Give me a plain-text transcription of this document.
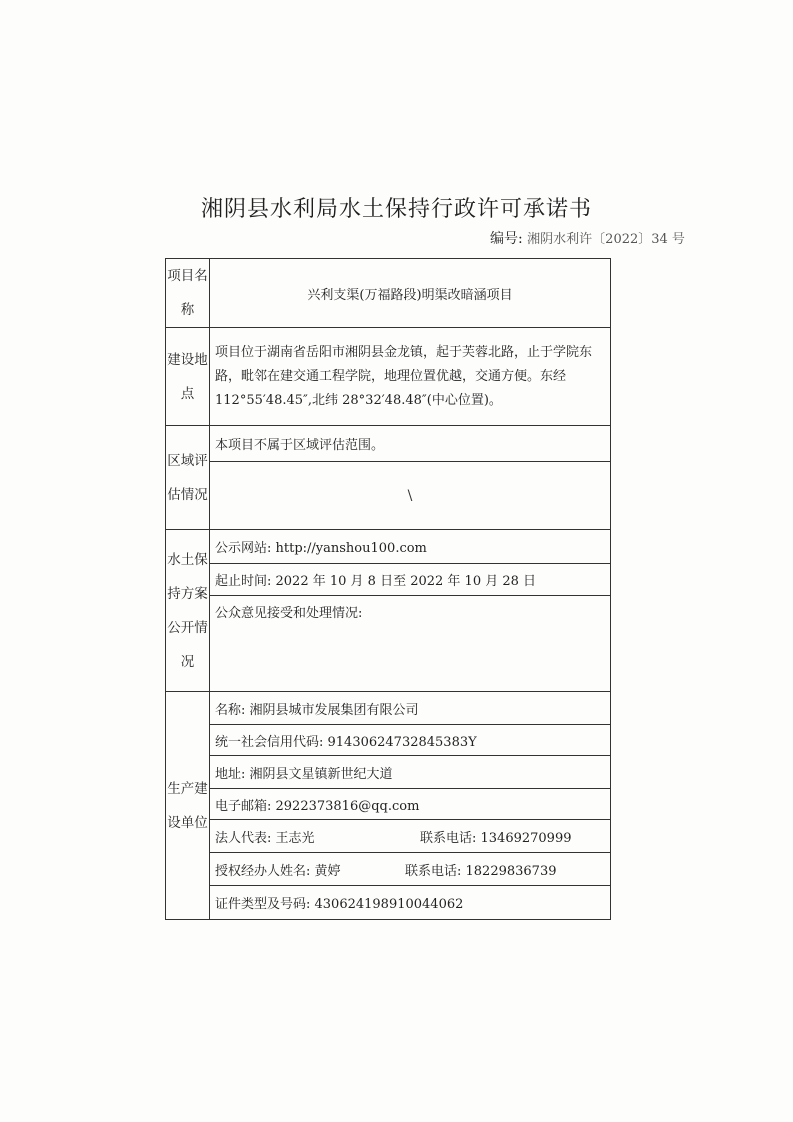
湘阴县水利局水土保持行政许可承诺书
编号: 湘阴水利许〔2022〕34 号
项目名称	兴利支渠(万福路段)明渠改暗涵项目
建设地点	项目位于湖南省岳阳市湘阴县金龙镇，起于芙蓉北路，止于学院东路，毗邻在建交通工程学院，地理位置优越，交通方便。东经 112°55′48.45″,北纬 28°32′48.48″(中心位置)。
区域评估情况	本项目不属于区域评估范围。
	\
水土保持方案公开情况	公示网站: http://yanshou100.com
	起止时间: 2022 年 10 月 8 日至 2022 年 10 月 28 日
	公众意见接受和处理情况:
生产建设单位	名称: 湘阴县城市发展集团有限公司
	统一社会信用代码: 91430624732845383Y
	地址: 湘阴县文星镇新世纪大道
	电子邮箱: 2922373816@qq.com
	法人代表: 王志光 联系电话: 13469270999
	授权经办人姓名: 黄婷 联系电话: 18229836739
	证件类型及号码: 430624198910044062
